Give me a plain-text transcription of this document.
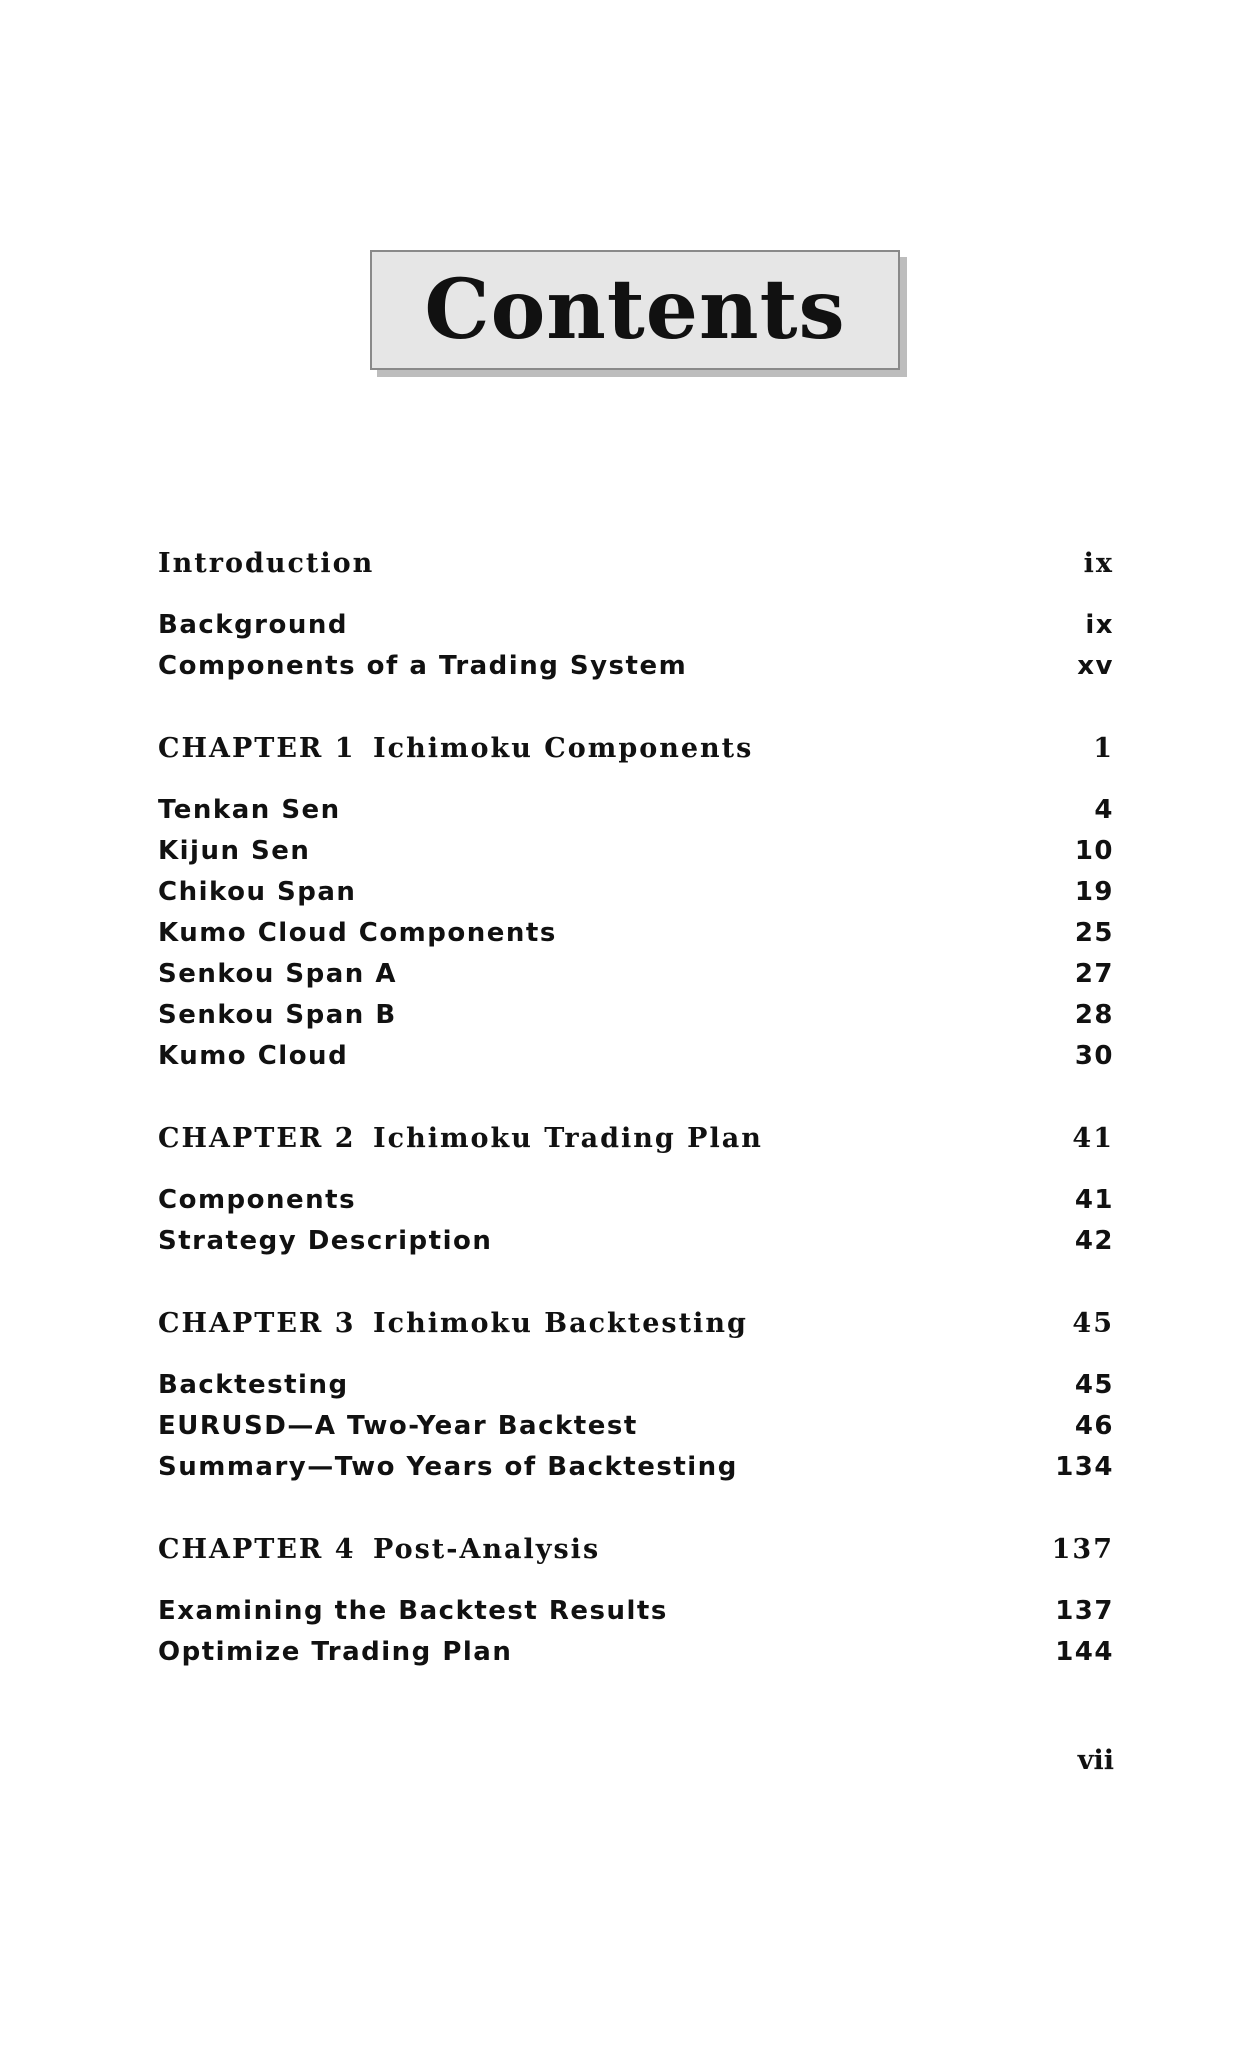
Contents
Introduction	ix
Background	ix
Components of a Trading System	xv
CHAPTER 1 Ichimoku Components	1
Tenkan Sen	4
Kijun Sen	10
Chikou Span	19
Kumo Cloud Components	25
Senkou Span A	27
Senkou Span B	28
Kumo Cloud	30
CHAPTER 2 Ichimoku Trading Plan	41
Components	41
Strategy Description	42
CHAPTER 3 Ichimoku Backtesting	45
Backtesting	45
EURUSD—A Two-Year Backtest	46
Summary—Two Years of Backtesting	134
CHAPTER 4 Post-Analysis	137
Examining the Backtest Results	137
Optimize Trading Plan	144
vii
